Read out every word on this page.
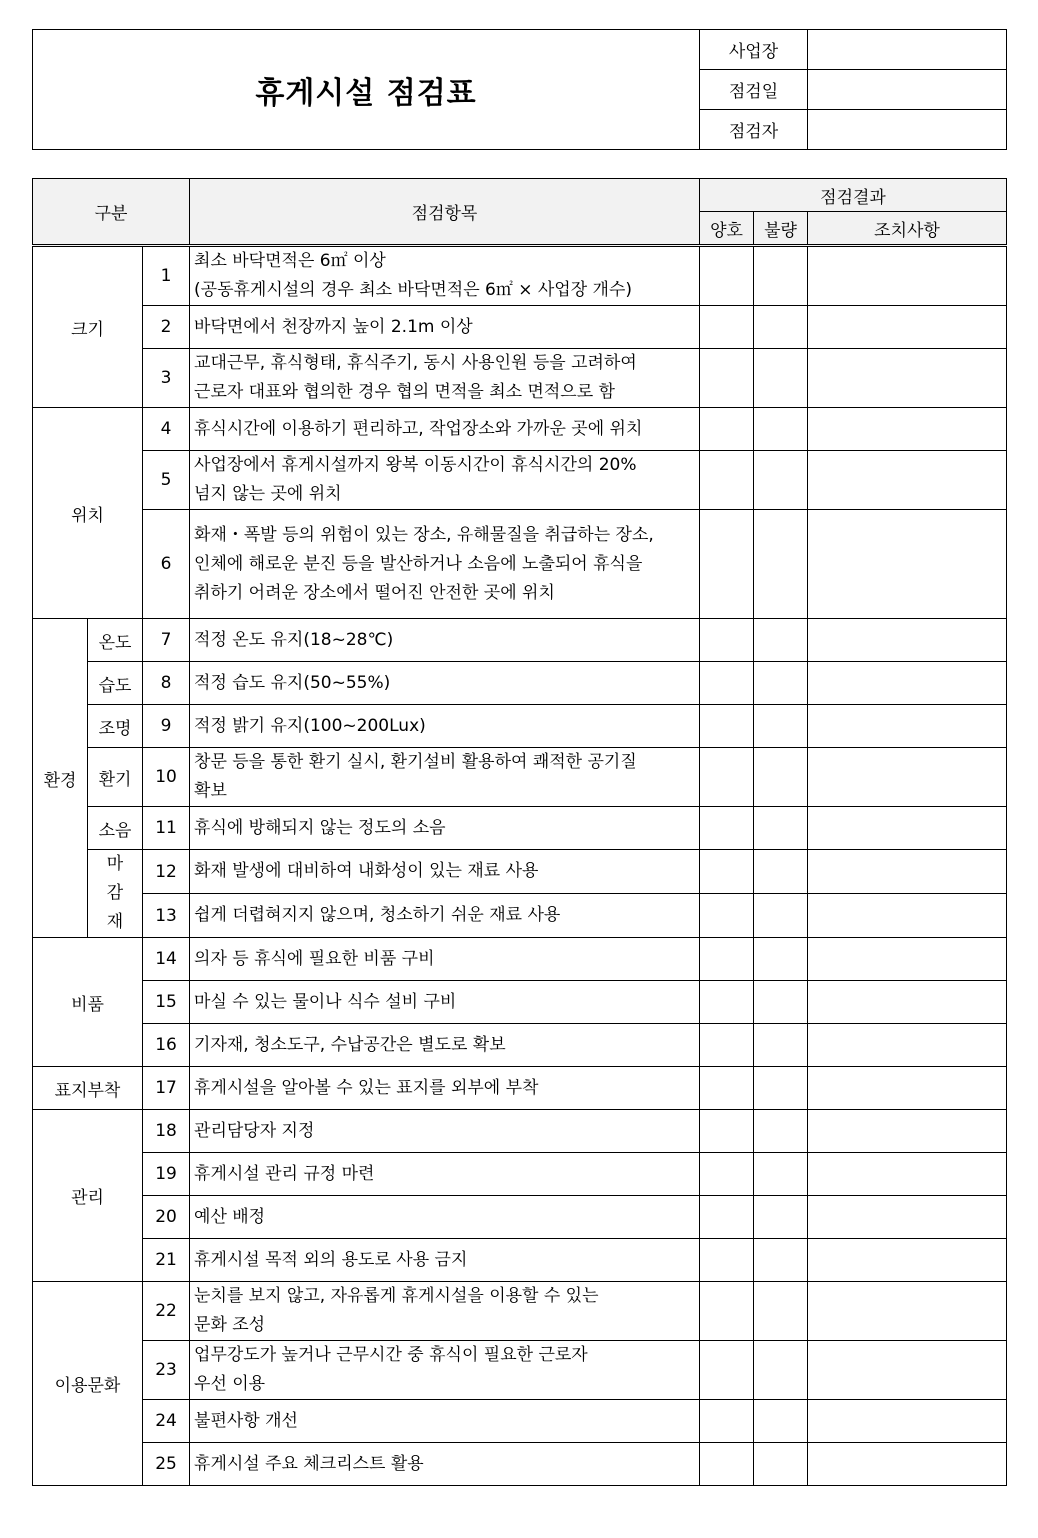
휴게시설 점검표	사업장	
	점검일	
	점검자	
구분			점검항목	점검결과		
				양호	불량	조치사항
크기		1	최소 바닥면적은 6㎡ 이상
(공동휴게시설의 경우 최소 바닥면적은 6㎡ × 사업장 개수)			

		2	바닥면에서 천장까지 높이 2.1m 이상			

		3	교대근무, 휴식형태, 휴식주기, 동시 사용인원 등을 고려하여
근로자 대표와 협의한 경우 협의 면적을 최소 면적으로 함			

위치		4	휴식시간에 이용하기 편리하고, 작업장소와 가까운 곳에 위치			

		5	사업장에서 휴게시설까지 왕복 이동시간이 휴식시간의 20%
넘지 않는 곳에 위치			

		6	화재・폭발 등의 위험이 있는 장소, 유해물질을 취급하는 장소,
인체에 해로운 분진 등을 발산하거나 소음에 노출되어 휴식을
취하기 어려운 장소에서 떨어진 안전한 곳에 위치			

환경	온도	7	적정 온도 유지(18~28℃)			

	습도	8	적정 습도 유지(50~55%)			

	조명	9	적정 밝기 유지(100~200Lux)			

	환기	10	창문 등을 통한 환기 실시, 환기설비 활용하여 쾌적한 공기질
확보			

	소음	11	휴식에 방해되지 않는 정도의 소음			

	마감재	12	화재 발생에 대비하여 내화성이 있는 재료 사용			

		13	쉽게 더렵혀지지 않으며, 청소하기 쉬운 재료 사용			

비품		14	의자 등 휴식에 필요한 비품 구비			

		15	마실 수 있는 물이나 식수 설비 구비			

		16	기자재, 청소도구, 수납공간은 별도로 확보			

표지부착		17	휴게시설을 알아볼 수 있는 표지를 외부에 부착			

관리		18	관리담당자 지정			

		19	휴게시설 관리 규정 마련			

		20	예산 배정			

		21	휴게시설 목적 외의 용도로 사용 금지			

이용문화		22	눈치를 보지 않고, 자유롭게 휴게시설을 이용할 수 있는
문화 조성			

		23	업무강도가 높거나 근무시간 중 휴식이 필요한 근로자
우선 이용			

		24	불편사항 개선			

		25	휴게시설 주요 체크리스트 활용			
